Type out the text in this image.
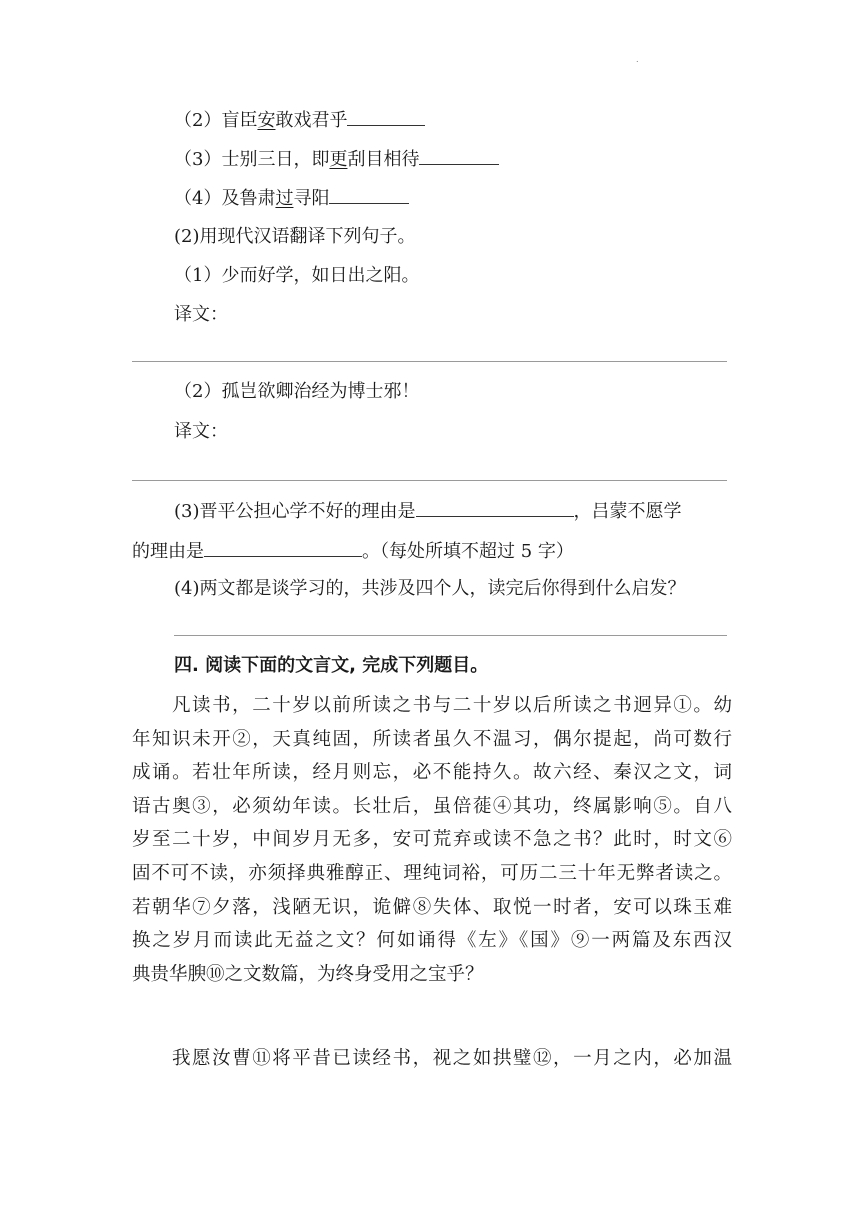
.
（2）盲臣安敢戏君乎
（3）士别三日，即更刮目相待
（4）及鲁肃过寻阳
(2)用现代汉语翻译下列句子。
（1）少而好学，如日出之阳。
译文：
（2）孤岂欲卿治经为博士邪！
译文：
(3)晋平公担心学不好的理由是	，吕蒙不愿学
的理由是	。（每处所填不超过 5 字）
(4)两文都是谈学习的，共涉及四个人，读完后你得到什么启发？
四. 阅读下面的文言文, 完成下列题目。
凡读书，二十岁以前所读之书与二十岁以后所读之书迥异①。幼
年知识未开②，天真纯固，所读者虽久不温习，偶尔提起，尚可数行
成诵。若壮年所读，经月则忘，必不能持久。故六经、秦汉之文，词
语古奥③，必须幼年读。长壮后，虽倍蓰④其功，终属影响⑤。自八
岁至二十岁，中间岁月无多，安可荒弃或读不急之书？此时，时文⑥
固不可不读，亦须择典雅醇正、理纯词裕，可历二三十年无弊者读之。
若朝华⑦夕落，浅陋无识，诡僻⑧失体、取悦一时者，安可以珠玉难
换之岁月而读此无益之文？何如诵得《左》《国》⑨一两篇及东西汉
典贵华腴⑩之文数篇，为终身受用之宝乎？
我愿汝曹⑪将平昔已读经书，视之如拱璧⑫，一月之内，必加温
